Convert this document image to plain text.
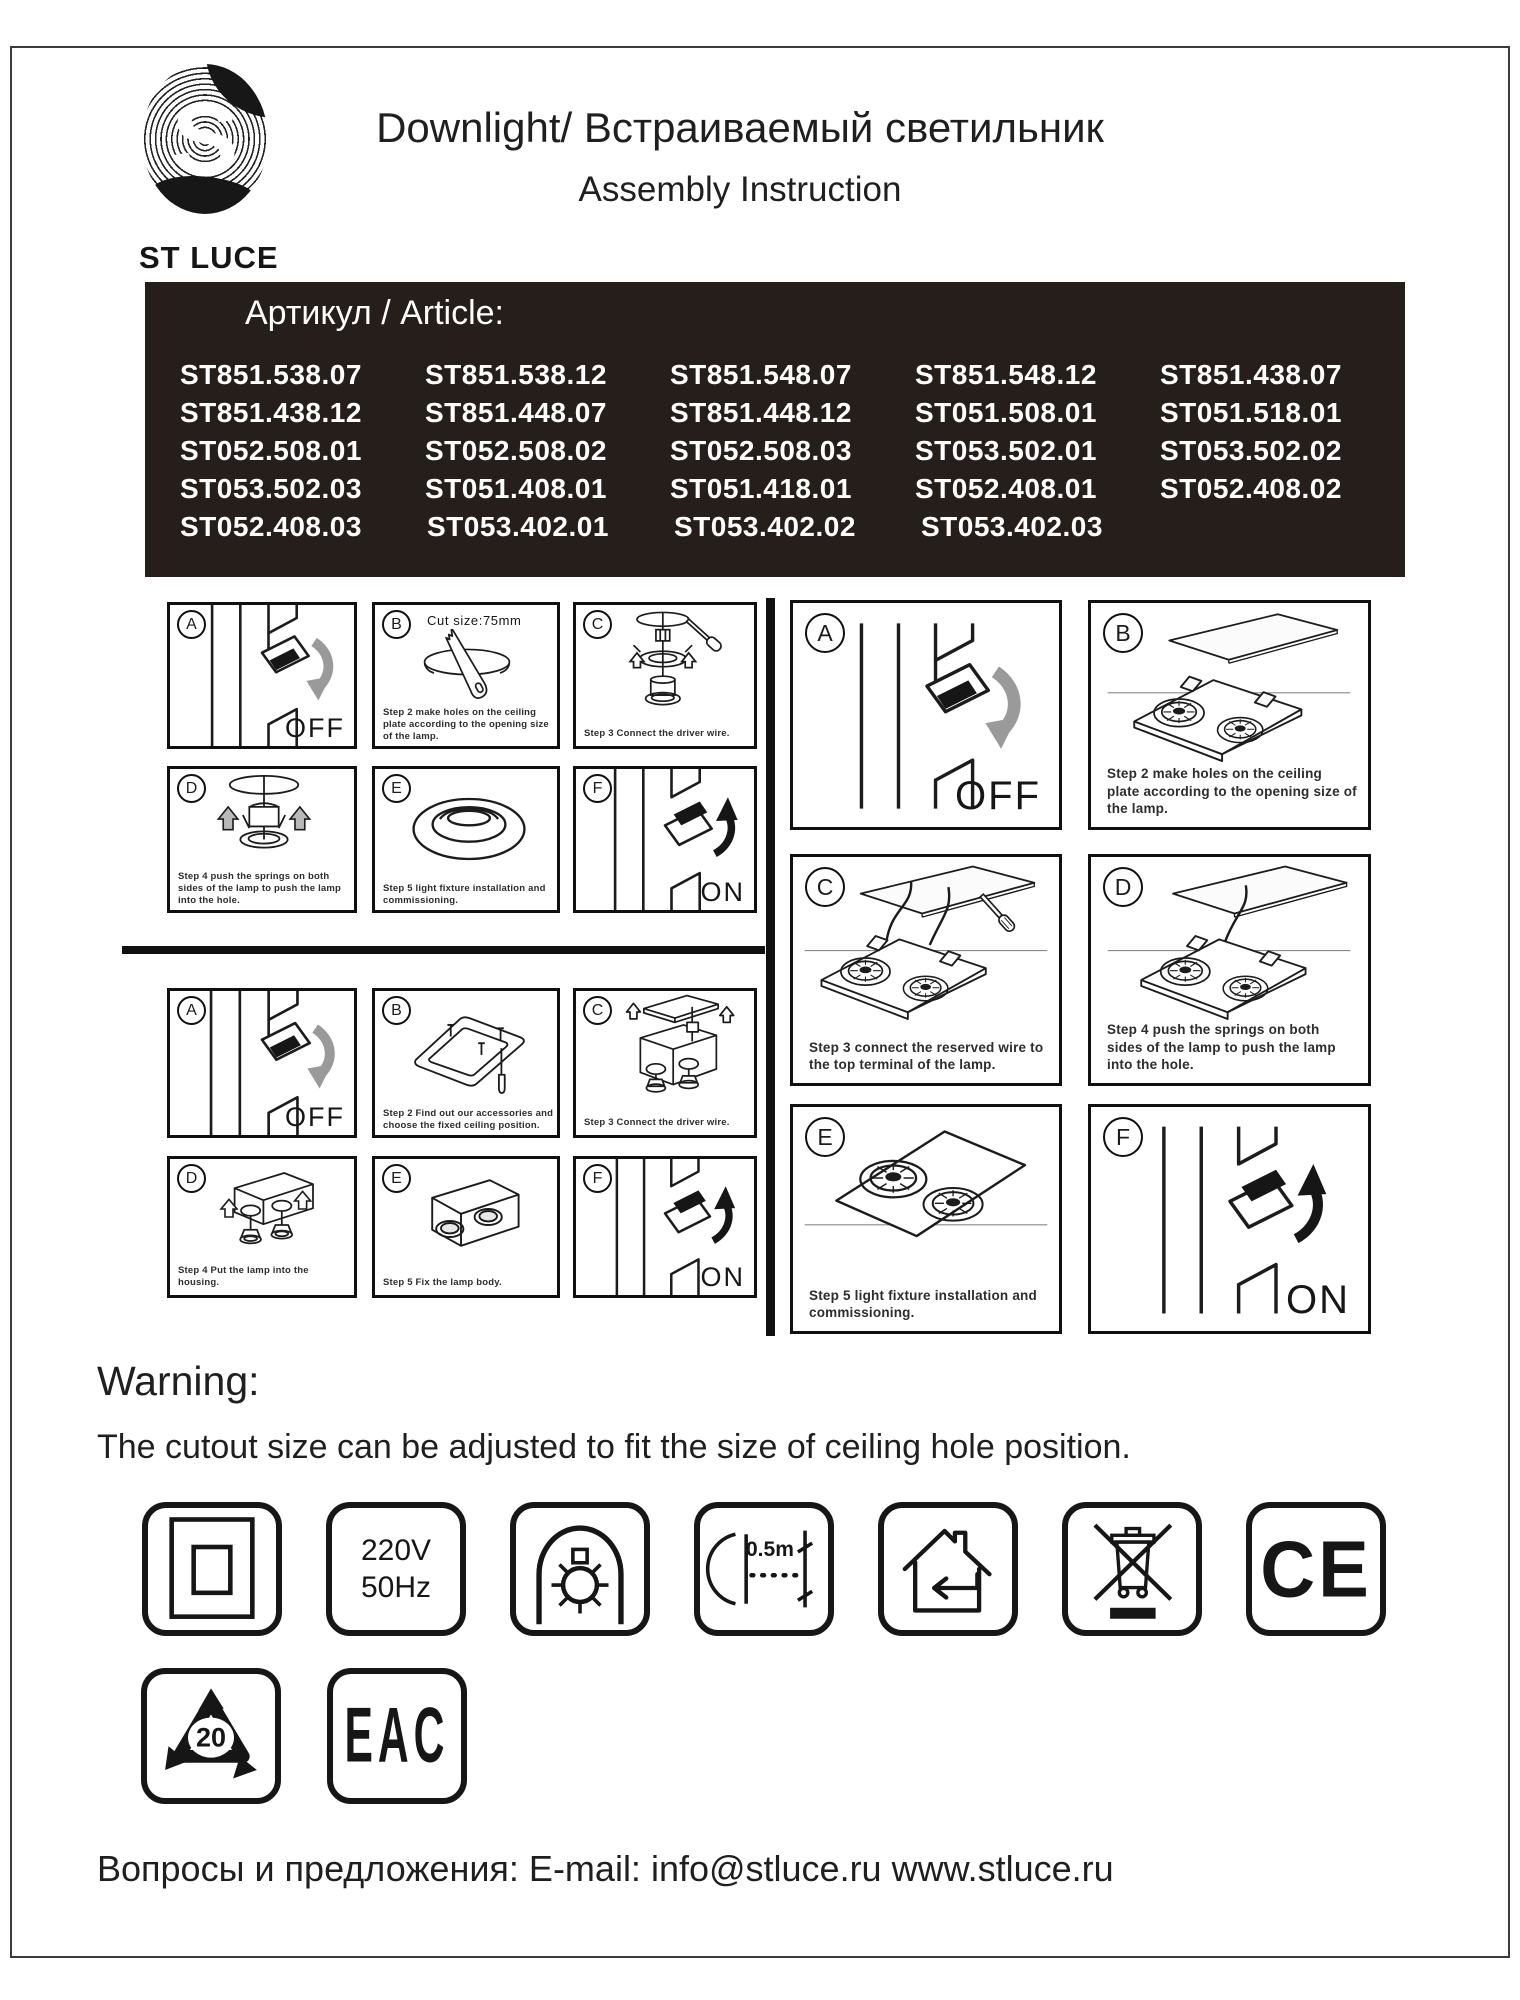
S
ST LUCE
Downlight/ Встраиваемый светильник
Assembly Instruction
Артикул / Article:
ST851.538.07	ST851.538.12	ST851.548.07	ST851.548.12	ST851.438.07
ST851.438.12	ST851.448.07	ST851.448.12	ST051.508.01	ST051.518.01
ST052.508.01	ST052.508.02	ST052.508.03	ST053.502.01	ST053.502.02
ST053.502.03	ST051.408.01	ST051.418.01	ST052.408.01	ST052.408.02
ST052.408.03	ST053.402.01	ST053.402.02	ST053.402.03
A
OFF
B	Cut size:75mm
Step 2 make holes on the ceiling plate according to the opening size of the lamp.
C
Step 3 Connect the driver wire.
D
Step 4 push the springs on both sides of the lamp to push the lamp into the hole.
E
Step 5 light fixture installation and commissioning.
F
ON
A
OFF
B
Step 2 Find out our accessories and choose the fixed ceiling position.
C
Step 3 Connect the driver wire.
D
Step 4 Put the lamp into the housing.
E
Step 5 Fix the lamp body.
F
ON
A
OFF
B
Step 2 make holes on the ceiling plate according to the opening size of the lamp.
C
Step 3 connect the reserved wire to the top terminal of the lamp.
D
Step 4 push the springs on both sides of the lamp to push the lamp into the hole.
E
Step 5 light fixture installation and commissioning.
F
ON
Warning:
The cutout size can be adjusted to fit the size of ceiling hole position.
220V
50Hz
0.5m	CE
20 EAC
Вопросы и предложения: E-mail: info@stluce.ru www.stluce.ru
